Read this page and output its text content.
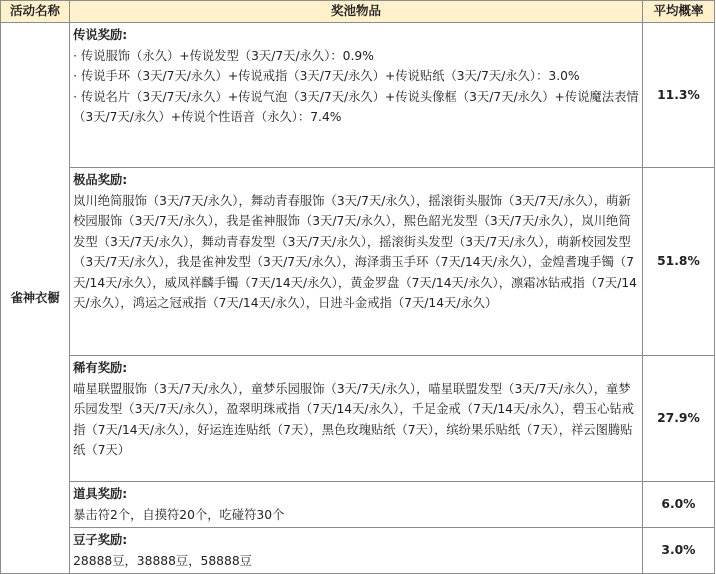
活动名称	奖池物品	平均概率
雀神衣橱	传说奖励:
· 传说服饰（永久）+传说发型（3天/7天/永久）：0.9%
· 传说手环（3天/7天/永久）+传说戒指（3天/7天/永久）+传说贴纸（3天/7天/永久）：3.0%
· 传说名片（3天/7天/永久）+传说气泡（3天/7天/永久）+传说头像框（3天/7天/永久）+传说魔法表情（3天/7天/永久）+传说个性语音（永久）：7.4%	11.3%

	极品奖励:
岚川绝简服饰（3天/7天/永久），舞动青春服饰（3天/7天/永久），摇滚街头服饰（3天/7天/永久），萌新校园服饰（3天/7天/永久），我是雀神服饰（3天/7天/永久），熙色韶光发型（3天/7天/永久），岚川绝简发型（3天/7天/永久），舞动青春发型（3天/7天/永久），摇滚街头发型（3天/7天/永久），萌新校园发型（3天/7天/永久），我是雀神发型（3天/7天/永久），海泽翡玉手环（7天/14天/永久），金煌耆瑰手镯（7天/14天/永久），威凤祥麟手镯（7天/14天/永久），黄金罗盘（7天/14天/永久），凛霜冰钻戒指（7天/14天/永久），鸿运之冠戒指（7天/14天/永久），日进斗金戒指（7天/14天/永久）	51.8%

	稀有奖励:
喵星联盟服饰（3天/7天/永久），童梦乐园服饰（3天/7天/永久），喵星联盟发型（3天/7天/永久），童梦乐园发型（3天/7天/永久），盈翠明珠戒指（7天/14天/永久），千足金戒（7天/14天/永久），碧玉心钻戒指（7天/14天/永久），好运连连贴纸（7天），黑色玫瑰贴纸（7天），缤纷果乐贴纸（7天），祥云图腾贴纸（7天）	27.9%

	道具奖励:
暴击符2个，自摸符20个，吃碰符30个	6.0%

	豆子奖励:
28888豆，38888豆，58888豆	3.0%
